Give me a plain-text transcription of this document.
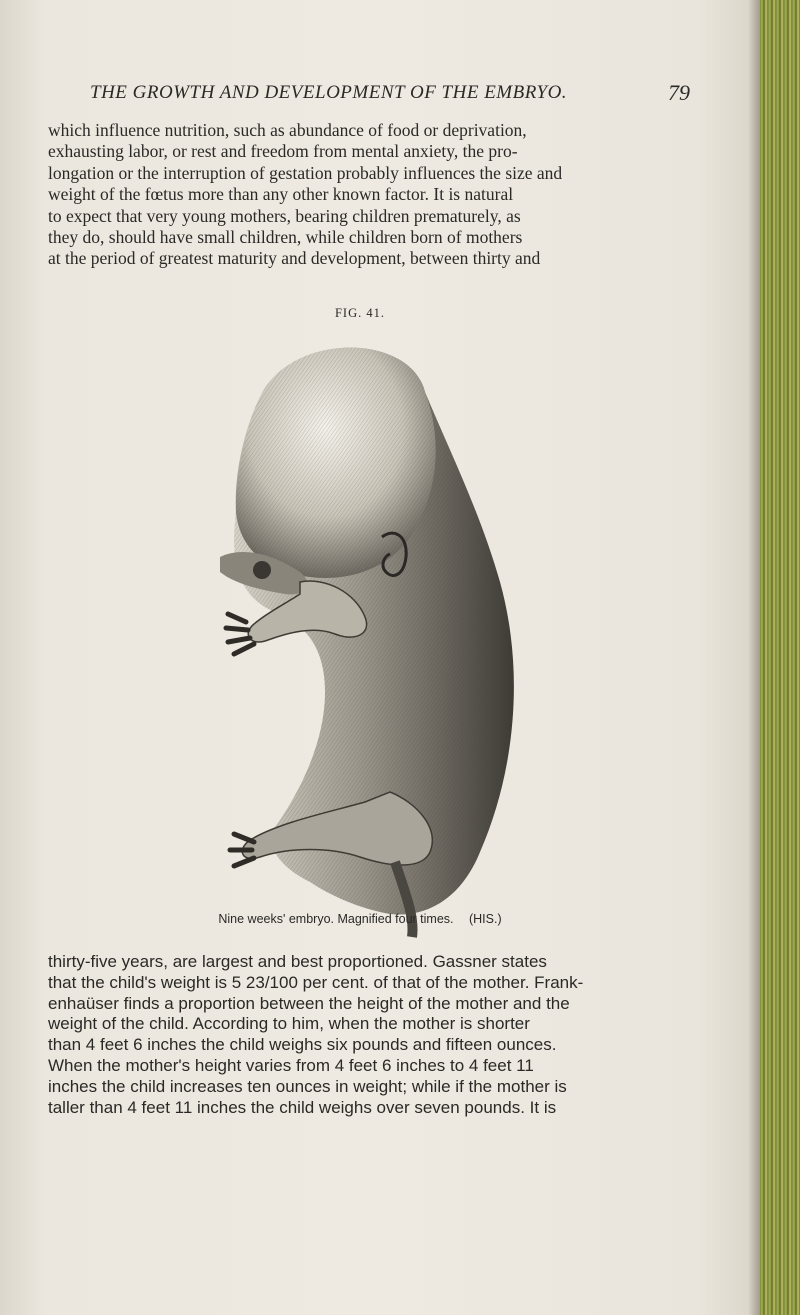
THE GROWTH AND DEVELOPMENT OF THE EMBRYO.	79
which influence nutrition, such as abundance of food or deprivation,
exhausting labor, or rest and freedom from mental anxiety, the pro-
longation or the interruption of gestation probably influences the size and
weight of the fœtus more than any other known factor. It is natural
to expect that very young mothers, bearing children prematurely, as
they do, should have small children, while children born of mothers
at the period of greatest maturity and development, between thirty and
FIG. 41.
Nine weeks' embryo. Magnified four times. (HIS.)
thirty-five years, are largest and best proportioned. Gassner states
that the child's weight is 5 23/100 per cent. of that of the mother. Frank-
enhaüser finds a proportion between the height of the mother and the
weight of the child. According to him, when the mother is shorter
than 4 feet 6 inches the child weighs six pounds and fifteen ounces.
When the mother's height varies from 4 feet 6 inches to 4 feet 11
inches the child increases ten ounces in weight; while if the mother is
taller than 4 feet 11 inches the child weighs over seven pounds. It is
